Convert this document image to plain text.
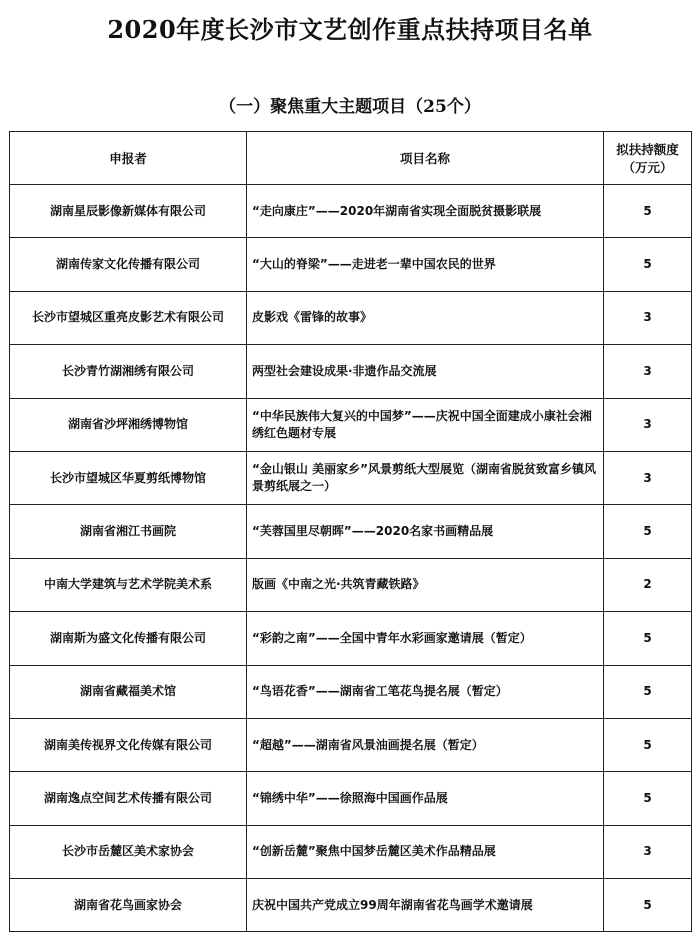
2020年度长沙市文艺创作重点扶持项目名单
（一）聚焦重大主题项目（25个）
申报者	项目名称	拟扶持额度（万元）
湖南星辰影像新媒体有限公司	“走向康庄”——2020年湖南省实现全面脱贫摄影联展	5
湖南传家文化传播有限公司	“大山的脊梁”——走进老一辈中国农民的世界	5
长沙市望城区重亮皮影艺术有限公司	皮影戏《雷锋的故事》	3
长沙青竹湖湘绣有限公司	两型社会建设成果·非遗作品交流展	3
湖南省沙坪湘绣博物馆	“中华民族伟大复兴的中国梦”——庆祝中国全面建成小康社会湘绣红色题材专展	3
长沙市望城区华夏剪纸博物馆	“金山银山 美丽家乡”风景剪纸大型展览（湖南省脱贫致富乡镇风景剪纸展之一）	3
湖南省湘江书画院	“芙蓉国里尽朝晖”——2020名家书画精品展	5
中南大学建筑与艺术学院美术系	版画《中南之光·共筑青藏铁路》	2
湖南斯为盛文化传播有限公司	“彩韵之南”——全国中青年水彩画家邀请展（暂定）	5
湖南省藏福美术馆	“鸟语花香”——湖南省工笔花鸟提名展（暂定）	5
湖南美传视界文化传媒有限公司	“超越”——湖南省风景油画提名展（暂定）	5
湖南逸点空间艺术传播有限公司	“锦绣中华”——徐照海中国画作品展	5
长沙市岳麓区美术家协会	“创新岳麓”聚焦中国梦岳麓区美术作品精品展	3
湖南省花鸟画家协会	庆祝中国共产党成立99周年湖南省花鸟画学术邀请展	5
